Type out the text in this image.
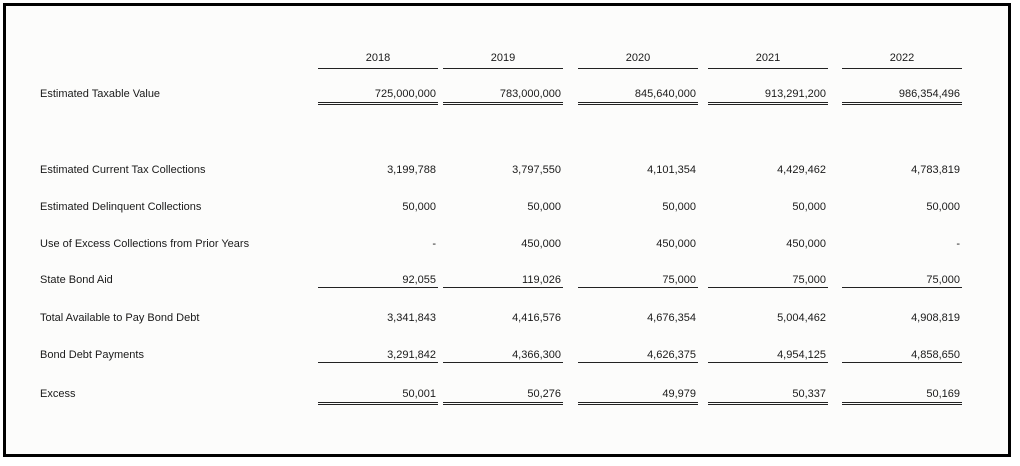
2018	2019	2020	2021	2022
Estimated Taxable Value	725,000,000	783,000,000	845,640,000	913,291,200	986,354,496
Estimated Current Tax Collections	3,199,788	3,797,550	4,101,354	4,429,462	4,783,819
Estimated Delinquent Collections	50,000	50,000	50,000	50,000	50,000
Use of Excess Collections from Prior Years	-	450,000	450,000	450,000	-
State Bond Aid	92,055	119,026	75,000	75,000	75,000
Total Available to Pay Bond Debt	3,341,843	4,416,576	4,676,354	5,004,462	4,908,819
Bond Debt Payments	3,291,842	4,366,300	4,626,375	4,954,125	4,858,650
Excess	50,001	50,276	49,979	50,337	50,169
